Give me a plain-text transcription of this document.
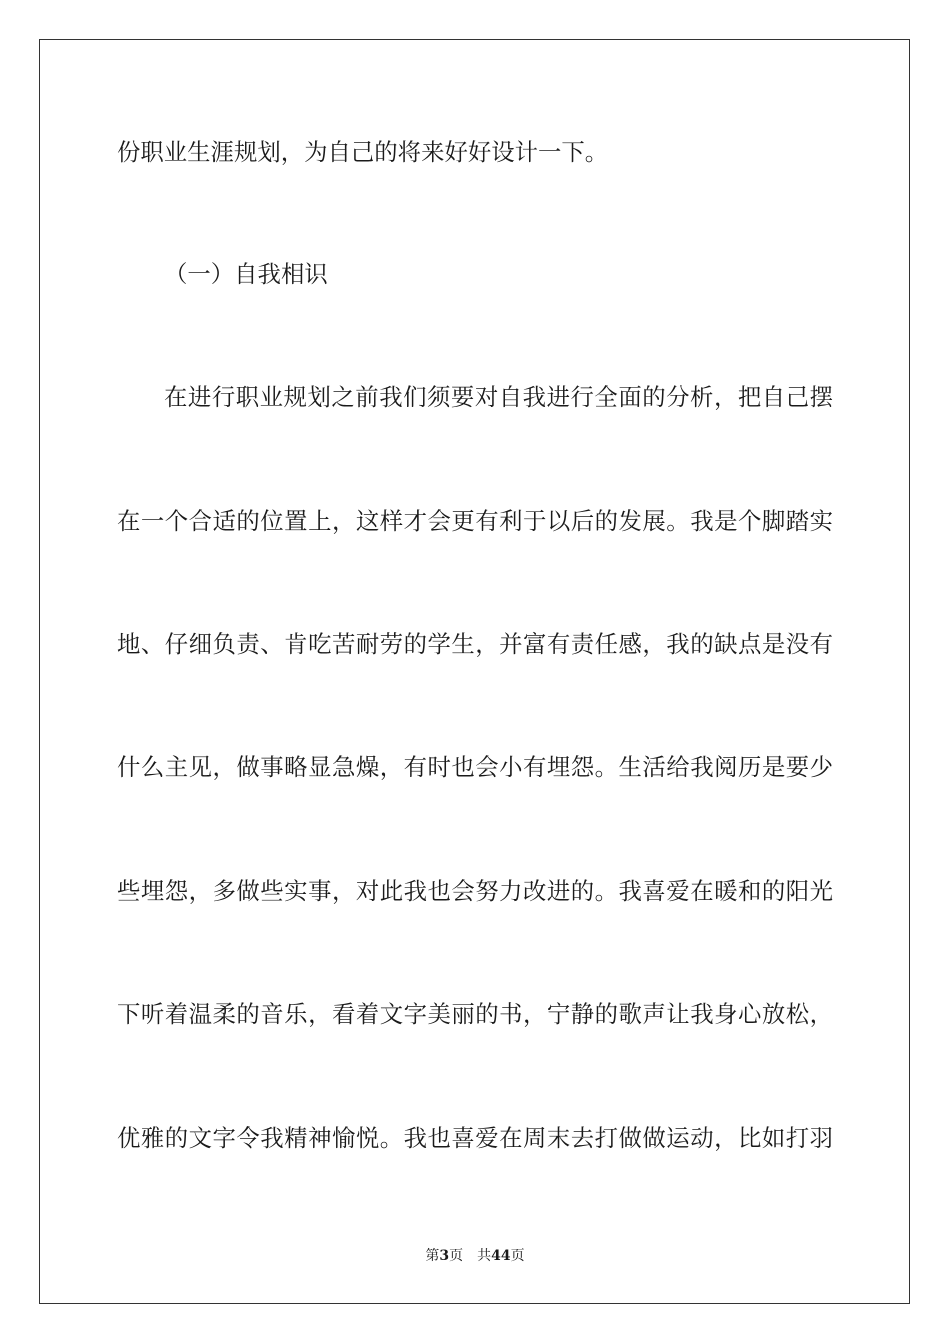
份职业生涯规划，为自己的将来好好设计一下。
（一）自我相识
在进行职业规划之前我们须要对自我进行全面的分析，把自己摆
在一个合适的位置上，这样才会更有利于以后的发展。我是个脚踏实
地、仔细负责、肯吃苦耐劳的学生，并富有责任感，我的缺点是没有
什么主见，做事略显急燥，有时也会小有埋怨。生活给我阅历是要少
些埋怨，多做些实事，对此我也会努力改进的。我喜爱在暖和的阳光
下听着温柔的音乐，看着文字美丽的书，宁静的歌声让我身心放松，
优雅的文字令我精神愉悦。我也喜爱在周末去打做做运动，比如打羽
第3页 共44页
